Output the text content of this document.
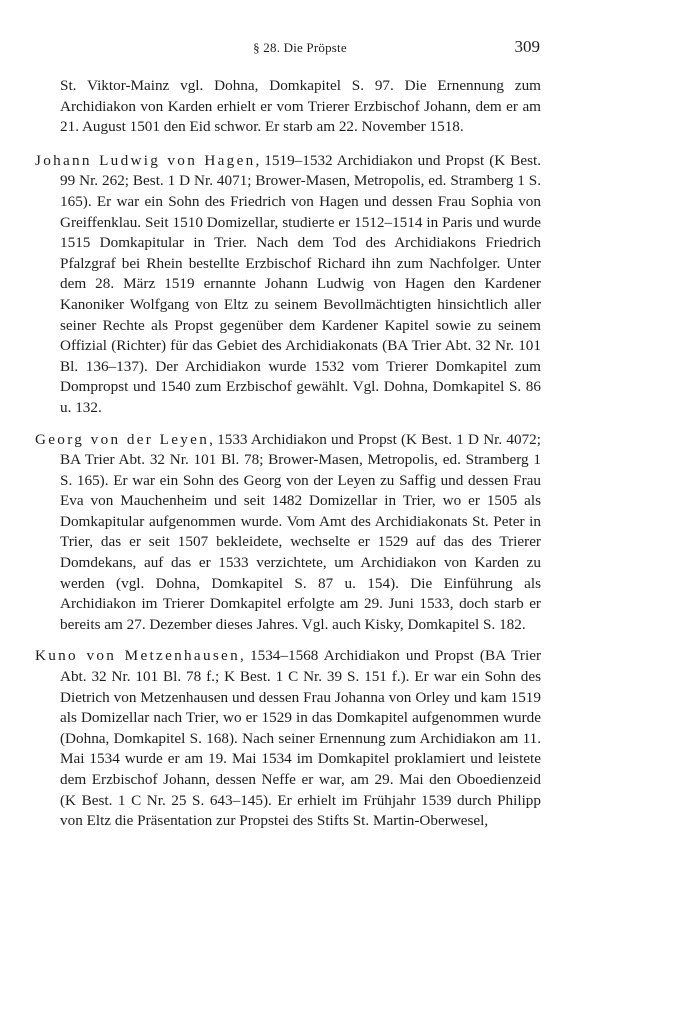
§ 28. Die Pröpste	309

St. Viktor-Mainz vgl. Dohna, Domkapitel S. 97. Die Ernennung zum Archidiakon von Karden erhielt er vom Trierer Erzbischof Johann, dem er am 21. August 1501 den Eid schwor. Er starb am 22. November 1518.

Johann Ludwig von Hagen, 1519–1532 Archidiakon und Propst (K Best. 99 Nr. 262; Best. 1 D Nr. 4071; Brower-Masen, Metropolis, ed. Stramberg 1 S. 165). Er war ein Sohn des Friedrich von Hagen und dessen Frau Sophia von Greiffenklau. Seit 1510 Domizellar, studierte er 1512–1514 in Paris und wurde 1515 Domkapitular in Trier. Nach dem Tod des Archidiakons Friedrich Pfalzgraf bei Rhein bestellte Erzbischof Richard ihn zum Nachfolger. Unter dem 28. März 1519 ernannte Johann Ludwig von Hagen den Kardener Kanoniker Wolfgang von Eltz zu seinem Bevollmächtigten hinsichtlich aller seiner Rechte als Propst gegenüber dem Kardener Kapitel sowie zu seinem Offizial (Richter) für das Gebiet des Archidiakonats (BA Trier Abt. 32 Nr. 101 Bl. 136–137). Der Archidiakon wurde 1532 vom Trierer Domkapitel zum Dompropst und 1540 zum Erzbischof gewählt. Vgl. Dohna, Domkapitel S. 86 u. 132.

Georg von der Leyen, 1533 Archidiakon und Propst (K Best. 1 D Nr. 4072; BA Trier Abt. 32 Nr. 101 Bl. 78; Brower-Masen, Metropolis, ed. Stramberg 1 S. 165). Er war ein Sohn des Georg von der Leyen zu Saffig und dessen Frau Eva von Mauchenheim und seit 1482 Domizellar in Trier, wo er 1505 als Domkapitular aufgenommen wurde. Vom Amt des Archidiakonats St. Peter in Trier, das er seit 1507 bekleidete, wechselte er 1529 auf das des Trierer Domdekans, auf das er 1533 verzichtete, um Archidiakon von Karden zu werden (vgl. Dohna, Domkapitel S. 87 u. 154). Die Einführung als Archidiakon im Trierer Domkapitel erfolgte am 29. Juni 1533, doch starb er bereits am 27. Dezember dieses Jahres. Vgl. auch Kisky, Domkapitel S. 182.

Kuno von Metzenhausen, 1534–1568 Archidiakon und Propst (BA Trier Abt. 32 Nr. 101 Bl. 78 f.; K Best. 1 C Nr. 39 S. 151 f.). Er war ein Sohn des Dietrich von Metzenhausen und dessen Frau Johanna von Orley und kam 1519 als Domizellar nach Trier, wo er 1529 in das Domkapitel aufgenommen wurde (Dohna, Domkapitel S. 168). Nach seiner Ernennung zum Archidiakon am 11. Mai 1534 wurde er am 19. Mai 1534 im Domkapitel proklamiert und leistete dem Erzbischof Johann, dessen Neffe er war, am 29. Mai den Oboedienzeid (K Best. 1 C Nr. 25 S. 643–145). Er erhielt im Frühjahr 1539 durch Philipp von Eltz die Präsentation zur Propstei des Stifts St. Martin-Oberwesel,
